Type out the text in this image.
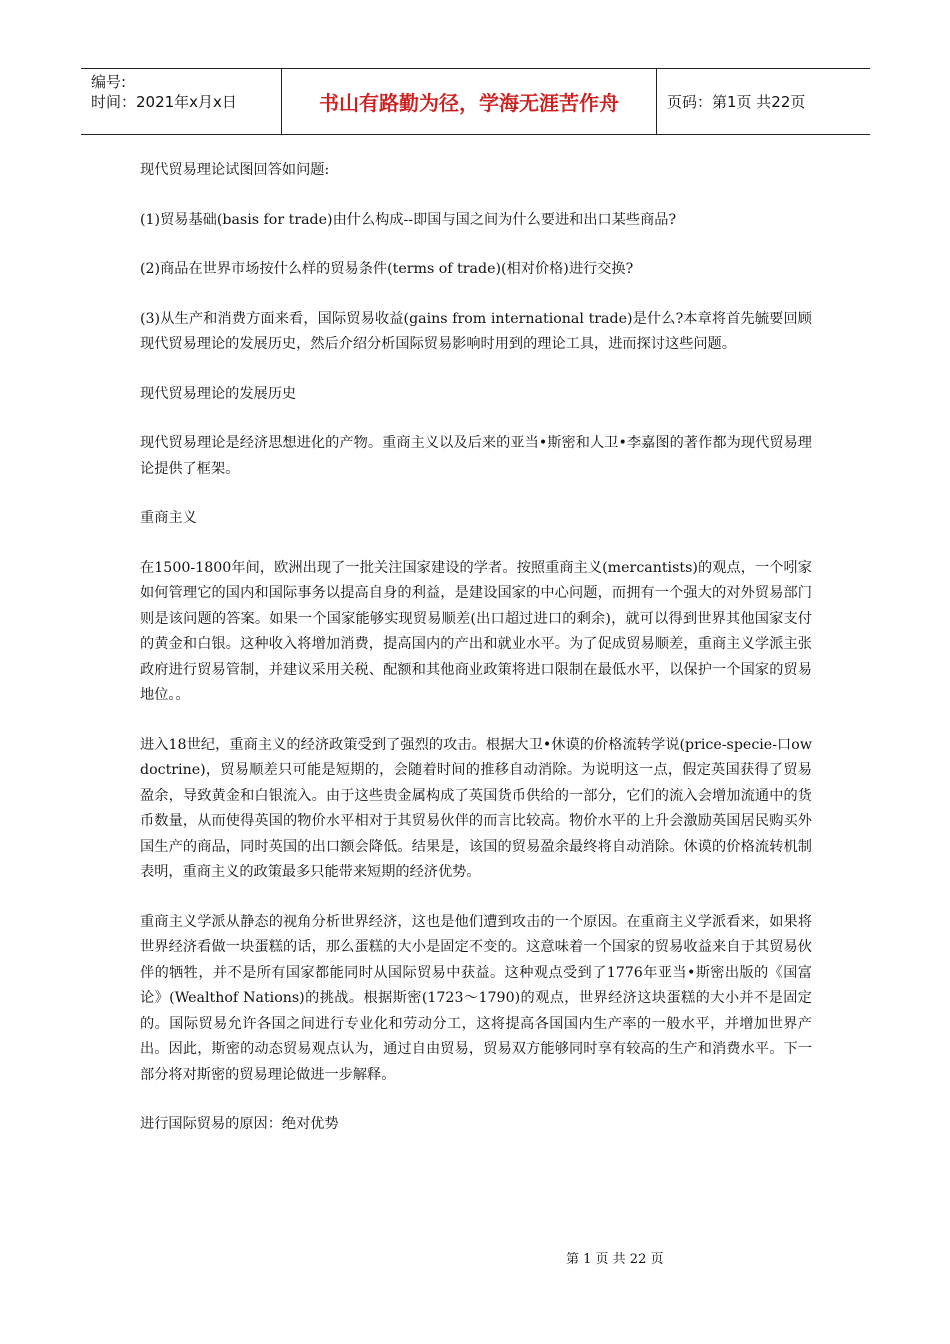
编号:
时间：2021年x月x日	书山有路勤为径，学海无涯苦作舟	页码：第1页 共22页

现代贸易理论试图回答如问题:

(1)贸易基础(basis for trade)由什么构成--即国与国之间为什么要进和出口某些商品?

(2)商品在世界市场按什么样的贸易条件(terms of trade)(相对价格)进行交换?

(3)从生产和消费方面来看，国际贸易收益(gains from international trade)是什么?本章将首先毓要回顾现代贸易理论的发展历史，然后介绍分析国际贸易影响时用到的理论工具，进而探讨这些问题。

现代贸易理论的发展历史

现代贸易理论是经济思想进化的产物。重商主义以及后来的亚当•斯密和人卫•李嘉图的著作都为现代贸易理论提供了框架。

重商主义

在1500-1800年间，欧洲出现了一批关注国家建设的学者。按照重商主义(mercantists)的观点，一个吲家如何管理它的国内和国际事务以提高自身的利益，是建设国家的中心问题，而拥有一个强大的对外贸易部门则是该问题的答案。如果一个国家能够实现贸易顺差(出口超过进口的剩余)，就可以得到世界其他国家支付的黄金和白银。这种收入将增加消费，提高国内的产出和就业水平。为了促成贸易顺差，重商主义学派主张政府进行贸易管制，并建议采用关税、配额和其他商业政策将进口限制在最低水平，以保护一个国家的贸易地位。。

进入18世纪，重商主义的经济政策受到了强烈的攻击。根据大卫•休谟的价格流转学说(price-specie-口ow doctrine)，贸易顺差只可能是短期的，会随着时间的推移自动消除。为说明这一点，假定英国获得了贸易盈余，导致黄金和白银流入。由于这些贵金属构成了英国货币供给的一部分，它们的流入会增加流通中的货币数量，从而使得英国的物价水平相对于其贸易伙伴的而言比较高。物价水平的上升会激励英国居民购买外国生产的商品，同时英国的出口额会降低。结果是，该国的贸易盈余最终将自动消除。休谟的价格流转机制表明，重商主义的政策最多只能带来短期的经济优势。

重商主义学派从静态的视角分析世界经济，这也是他们遭到攻击的一个原因。在重商主义学派看来，如果将世界经济看做一块蛋糕的话，那么蛋糕的大小是固定不变的。这意味着一个国家的贸易收益来自于其贸易伙伴的牺牲，并不是所有国家都能同时从国际贸易中获益。这种观点受到了1776年亚当•斯密出版的《国富论》(Wealthof Nations)的挑战。根据斯密(1723～1790)的观点，世界经济这块蛋糕的大小并不是固定的。国际贸易允许各国之间进行专业化和劳动分工，这将提高各国国内生产率的一般水平，并增加世界产出。因此，斯密的动态贸易观点认为，通过自由贸易，贸易双方能够同时享有较高的生产和消费水平。下一部分将对斯密的贸易理论做进一步解释。

进行国际贸易的原因：绝对优势

第 1 页 共 22 页
